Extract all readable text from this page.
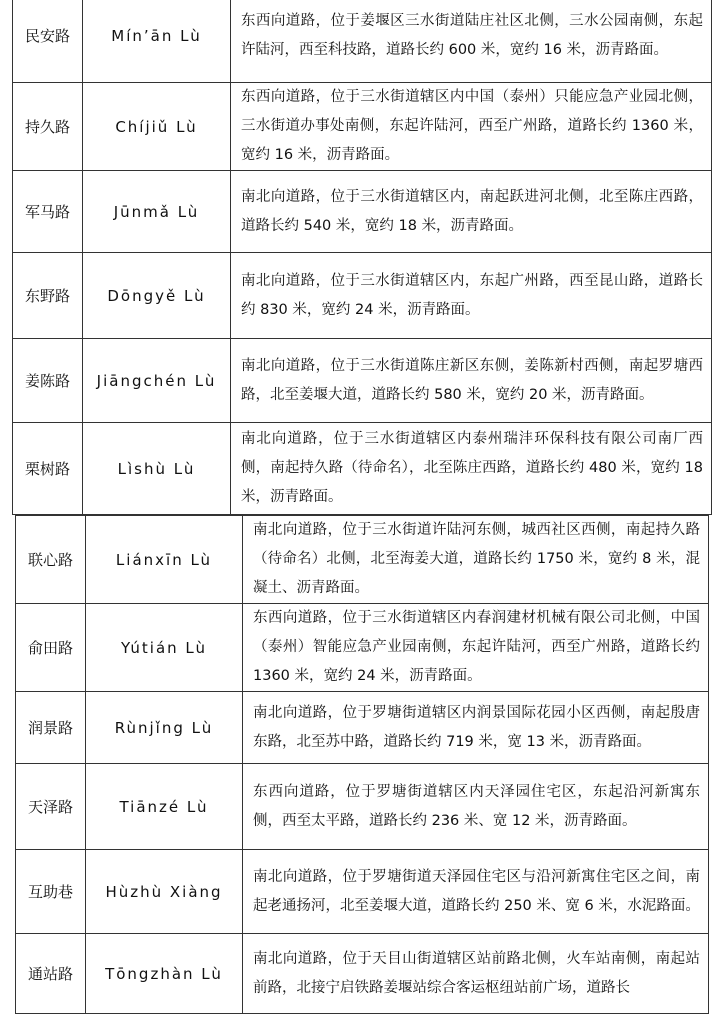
民安路	Mín’ān Lù	东西向道路，位于姜堰区三水街道陆庄社区北侧，三水公园南侧，东起许陆河，西至科技路，道路长约 600 米，宽约 16 米，沥青路面。
持久路	Chíjiǔ Lù	东西向道路，位于三水街道辖区内中国（泰州）只能应急产业园北侧，三水街道办事处南侧，东起许陆河，西至广州路，道路长约 1360 米，宽约 16 米，沥青路面。
军马路	Jūnmǎ Lù	南北向道路，位于三水街道辖区内，南起跃进河北侧，北至陈庄西路，道路长约 540 米，宽约 18 米，沥青路面。
东野路	Dōngyě Lù	南北向道路，位于三水街道辖区内，东起广州路，西至昆山路，道路长约 830 米，宽约 24 米，沥青路面。
姜陈路	Jiāngchén Lù	南北向道路，位于三水街道陈庄新区东侧，姜陈新村西侧，南起罗塘西路，北至姜堰大道，道路长约 580 米，宽约 20 米，沥青路面。
栗树路	Lìshù Lù	南北向道路，位于三水街道辖区内泰州瑞沣环保科技有限公司南厂西侧，南起持久路（待命名），北至陈庄西路，道路长约 480 米，宽约 18 米，沥青路面。
联心路	Liánxīn Lù	南北向道路，位于三水街道许陆河东侧，城西社区西侧，南起持久路（待命名）北侧，北至海姜大道，道路长约 1750 米，宽约 8 米，混凝土、沥青路面。
俞田路	Yútián Lù	东西向道路，位于三水街道辖区内春润建材机械有限公司北侧，中国（泰州）智能应急产业园南侧，东起许陆河，西至广州路，道路长约 1360 米，宽约 24 米，沥青路面。
润景路	Rùnjǐng Lù	南北向道路，位于罗塘街道辖区内润景国际花园小区西侧，南起殷唐东路，北至苏中路，道路长约 719 米，宽 13 米，沥青路面。
天泽路	Tiānzé Lù	东西向道路，位于罗塘街道辖区内天泽园住宅区，东起沿河新寓东侧，西至太平路，道路长约 236 米、宽 12 米，沥青路面。
互助巷	Hùzhù Xiàng	南北向道路，位于罗塘街道天泽园住宅区与沿河新寓住宅区之间，南起老通扬河，北至姜堰大道，道路长约 250 米、宽 6 米，水泥路面。
通站路	Tōngzhàn Lù	南北向道路，位于天目山街道辖区站前路北侧，火车站南侧，南起站前路，北接宁启铁路姜堰站综合客运枢纽站前广场，道路长
